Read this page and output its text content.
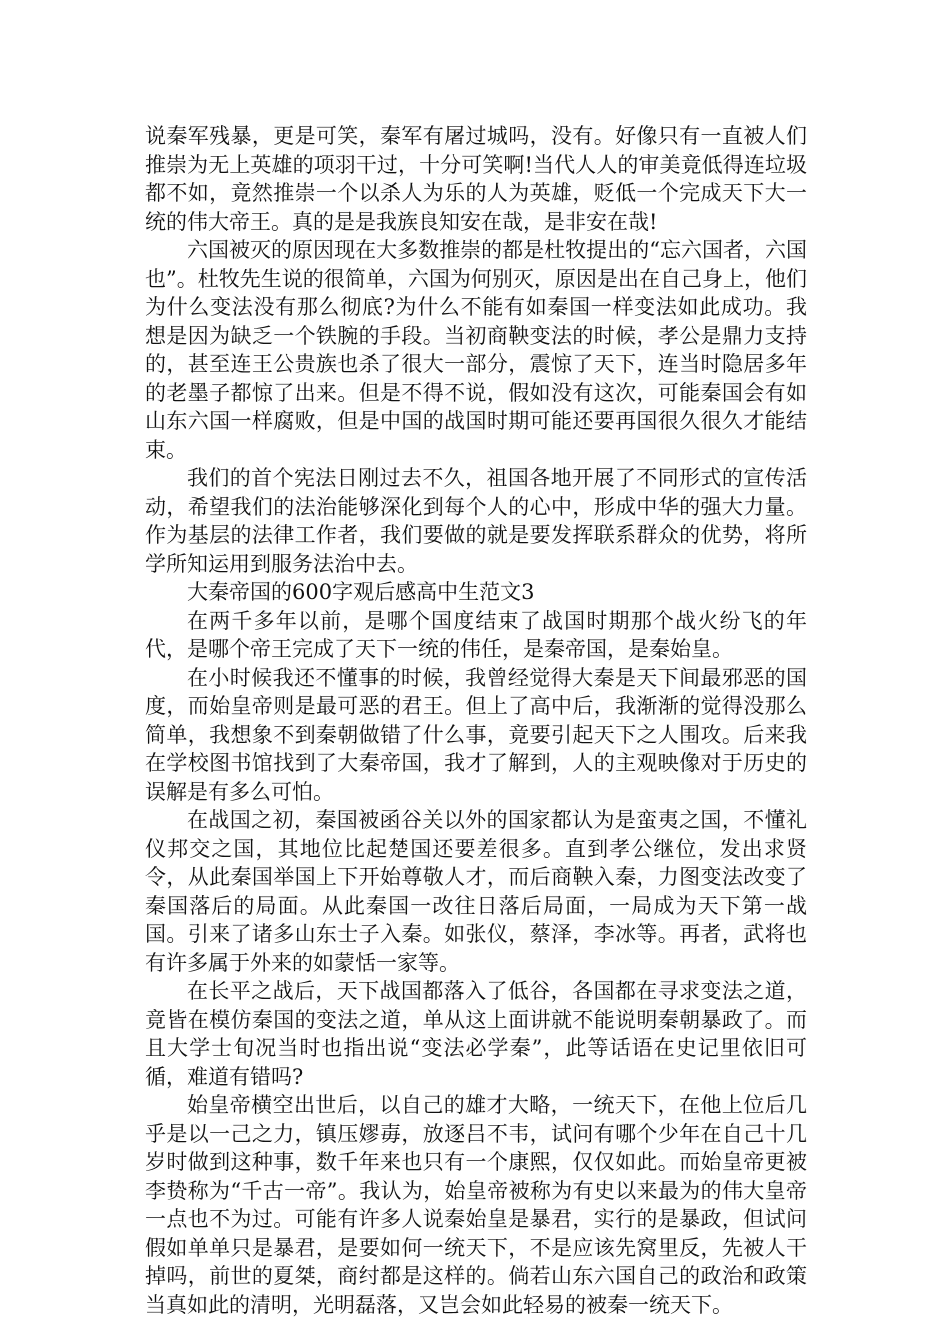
说秦军残暴，更是可笑，秦军有屠过城吗，没有。好像只有一直被人们推崇为无上英雄的项羽干过，十分可笑啊!当代人人的审美竟低得连垃圾都不如，竟然推崇一个以杀人为乐的人为英雄，贬低一个完成天下大一统的伟大帝王。真的是是我族良知安在哉，是非安在哉!

六国被灭的原因现在大多数推崇的都是杜牧提出的“忘六国者，六国也”。杜牧先生说的很简单，六国为何别灭，原因是出在自己身上，他们为什么变法没有那么彻底?为什么不能有如秦国一样变法如此成功。我想是因为缺乏一个铁腕的手段。当初商鞅变法的时候，孝公是鼎力支持的，甚至连王公贵族也杀了很大一部分，震惊了天下，连当时隐居多年的老墨子都惊了出来。但是不得不说，假如没有这次，可能秦国会有如山东六国一样腐败，但是中国的战国时期可能还要再国很久很久才能结束。

我们的首个宪法日刚过去不久，祖国各地开展了不同形式的宣传活动，希望我们的法治能够深化到每个人的心中，形成中华的强大力量。作为基层的法律工作者，我们要做的就是要发挥联系群众的优势，将所学所知运用到服务法治中去。

大秦帝国的600字观后感高中生范文3

在两千多年以前，是哪个国度结束了战国时期那个战火纷飞的年代，是哪个帝王完成了天下一统的伟任，是秦帝国，是秦始皇。

在小时候我还不懂事的时候，我曾经觉得大秦是天下间最邪恶的国度，而始皇帝则是最可恶的君王。但上了高中后，我渐渐的觉得没那么简单，我想象不到秦朝做错了什么事，竟要引起天下之人围攻。后来我在学校图书馆找到了大秦帝国，我才了解到，人的主观映像对于历史的误解是有多么可怕。

在战国之初，秦国被函谷关以外的国家都认为是蛮夷之国，不懂礼仪邦交之国，其地位比起楚国还要差很多。直到孝公继位，发出求贤令，从此秦国举国上下开始尊敬人才，而后商鞅入秦，力图变法改变了秦国落后的局面。从此秦国一改往日落后局面，一局成为天下第一战国。引来了诸多山东士子入秦。如张仪，蔡泽，李冰等。再者，武将也有许多属于外来的如蒙恬一家等。

在长平之战后，天下战国都落入了低谷，各国都在寻求变法之道，竟皆在模仿秦国的变法之道，单从这上面讲就不能说明秦朝暴政了。而且大学士旬况当时也指出说“变法必学秦”，此等话语在史记里依旧可循，难道有错吗?

始皇帝横空出世后，以自己的雄才大略，一统天下，在他上位后几乎是以一己之力，镇压嫪毐，放逐吕不韦，试问有哪个少年在自己十几岁时做到这种事，数千年来也只有一个康熙，仅仅如此。而始皇帝更被李贽称为“千古一帝”。我认为，始皇帝被称为有史以来最为的伟大皇帝一点也不为过。可能有许多人说秦始皇是暴君，实行的是暴政，但试问假如单单只是暴君，是要如何一统天下，不是应该先窝里反，先被人干掉吗，前世的夏桀，商纣都是这样的。倘若山东六国自己的政治和政策当真如此的清明，光明磊落，又岂会如此轻易的被秦一统天下。
